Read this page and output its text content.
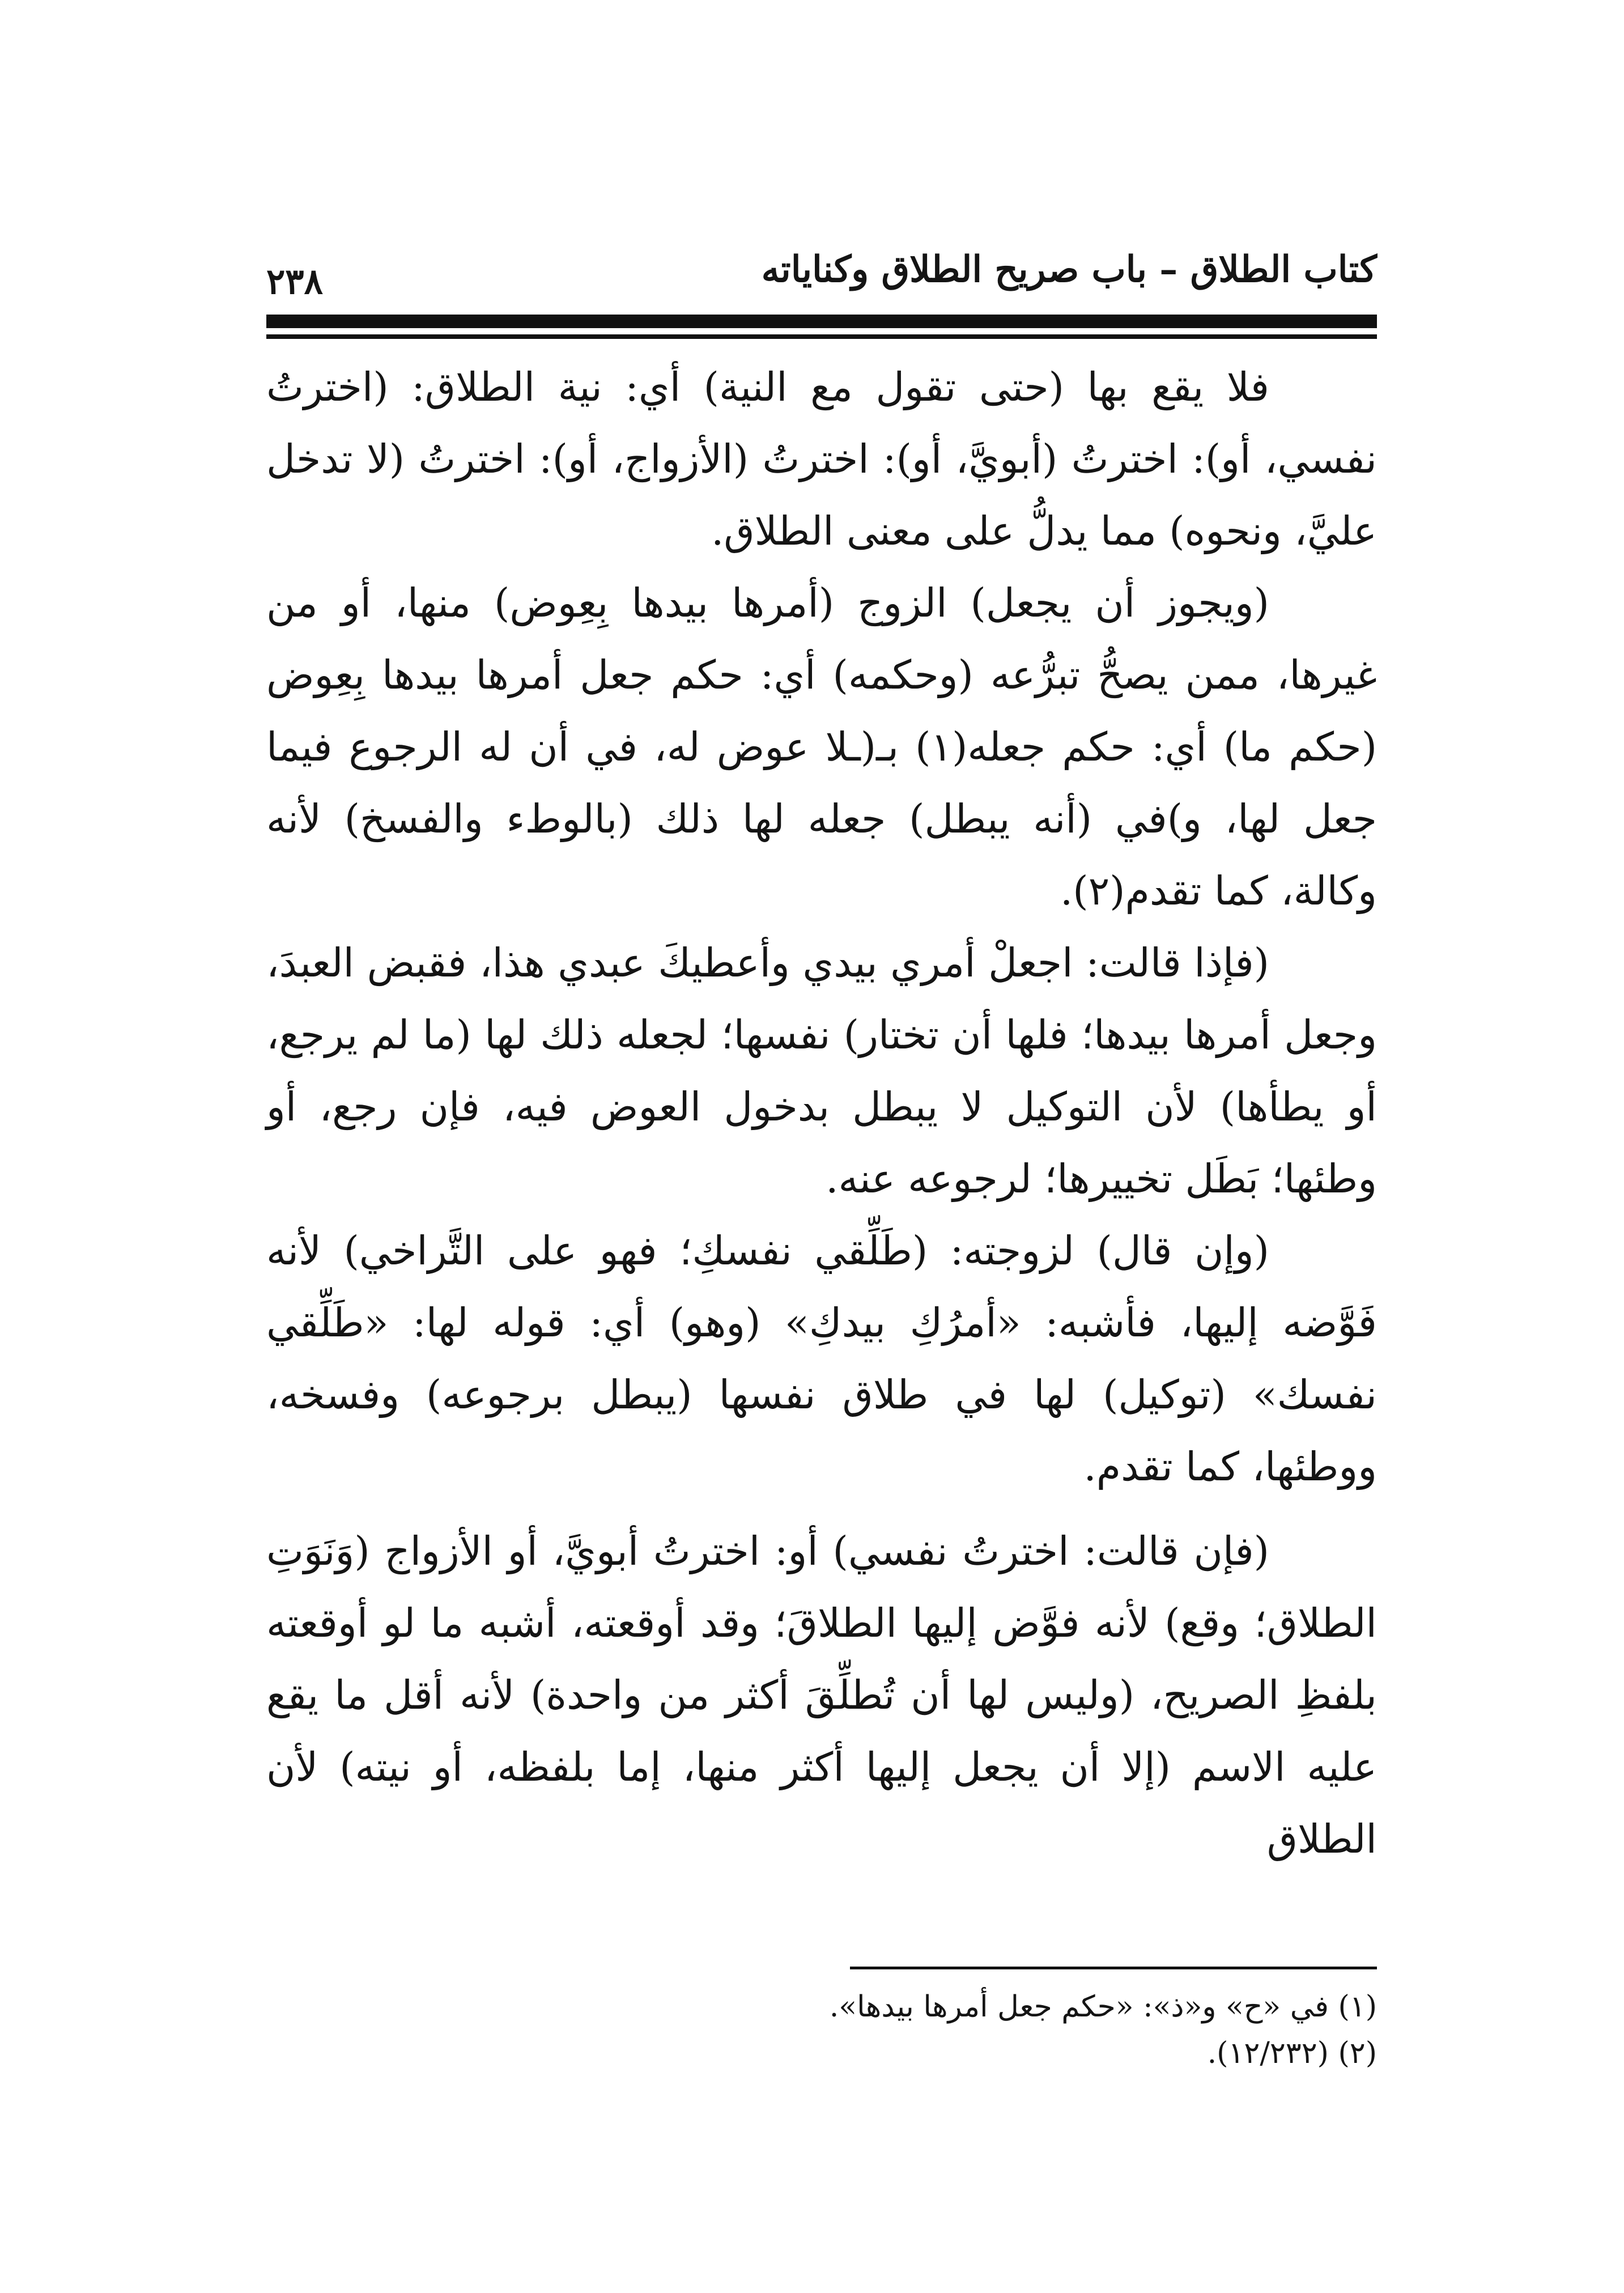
كتاب الطلاق – باب صريح الطلاق وكناياته
٢٣٨

فلا يقع بها (حتى تقول مع النية) أي: نية الطلاق: (اخترتُ نفسي، أو): اخترتُ (أبويَّ، أو): اخترتُ (الأزواج، أو): اخترتُ (لا تدخل عليَّ، ونحوه) مما يدلُّ على معنى الطلاق.

(ويجوز أن يجعل) الزوج (أمرها بيدها بِعِوض) منها، أو من غيرها، ممن يصحُّ تبرُّعه (وحكمه) أي: حكم جعل أمرها بيدها بِعِوض (حكم ما) أي: حكم جعله(١) بـ(ـلا عوض له، في أن له الرجوع فيما جعل لها، و)في (أنه يبطل) جعله لها ذلك (بالوطء والفسخ) لأنه وكالة، كما تقدم(٢).

(فإذا قالت: اجعلْ أمري بيدي وأعطيكَ عبدي هذا، فقبض العبدَ، وجعل أمرها بيدها؛ فلها أن تختار) نفسها؛ لجعله ذلك لها (ما لم يرجع، أو يطأها) لأن التوكيل لا يبطل بدخول العوض فيه، فإن رجع، أو وطئها؛ بَطَل تخييرها؛ لرجوعه عنه.

(وإن قال) لزوجته: (طَلِّقي نفسكِ؛ فهو على التَّراخي) لأنه فَوَّضه إليها، فأشبه: «أمرُكِ بيدكِ» (وهو) أي: قوله لها: «طَلِّقي نفسك» (توكيل) لها في طلاق نفسها (يبطل برجوعه) وفسخه، ووطئها، كما تقدم.

(فإن قالت: اخترتُ نفسي) أو: اخترتُ أبويَّ، أو الأزواج (وَنَوَتِ الطلاق؛ وقع) لأنه فوَّض إليها الطلاقَ؛ وقد أوقعته، أشبه ما لو أوقعته بلفظِ الصريح، (وليس لها أن تُطلِّقَ أكثر من واحدة) لأنه أقل ما يقع عليه الاسم (إلا أن يجعل إليها أكثر منها، إما بلفظه، أو نيته) لأن الطلاق

(١) في «ح» و«ذ»: «حكم جعل أمرها بيدها».

(٢) (١٢/٢٣٢).
